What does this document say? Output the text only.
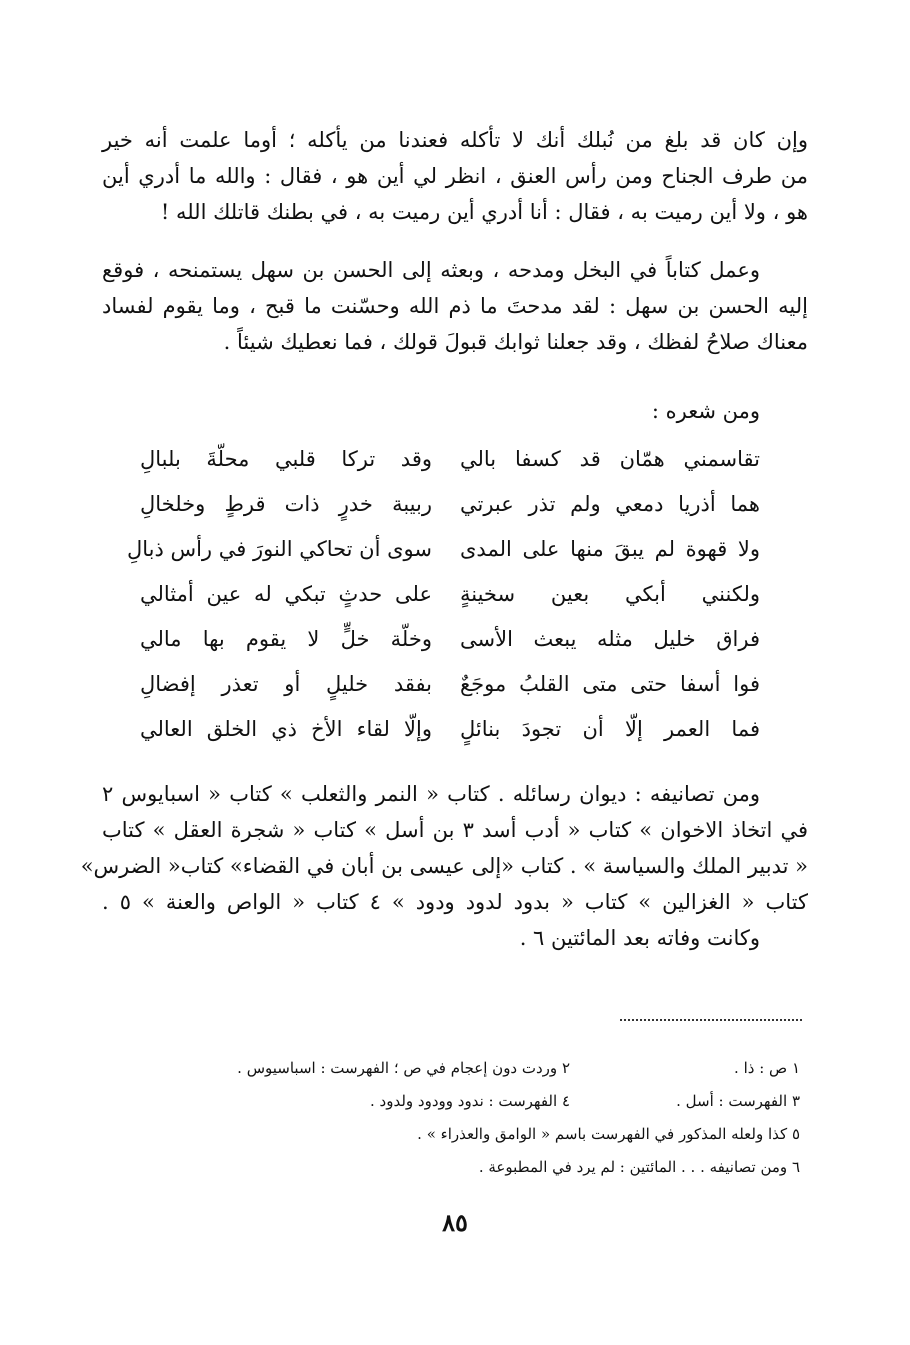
وإن كان قد بلغ من نُبلك أنك لا تأكله فعندنا من يأكله ؛ أوما علمت أنه خير
من طرف الجناح ومن رأس العنق ، انظر لي أين هو ، فقال : والله ما أدري أين
هو ، ولا أين رميت به ، فقال : أنا أدري أين رميت به ، في بطنك قاتلك الله !
وعمل كتاباً في البخل ومدحه ، وبعثه إلى الحسن بن سهل يستمنحه ، فوقع
إليه الحسن بن سهل : لقد مدحتَ ما ذم الله وحسّنت ما قبح ، وما يقوم لفساد
معناك صلاحُ لفظك ، وقد جعلنا ثوابك قبولَ قولك ، فما نعطيك شيئاً .
ومن شعره :
تقاسمني همّان قد كسفا بالي
وقد تركا قلبي محلّةَ بلبالِ
هما أذريا دمعي ولم تذر عبرتي
ربيبة خدرٍ ذات قرطٍ وخلخالِ
ولا قهوة لم يبقَ منها على المدى
سوى أن تحاكي النورَ في رأس ذبالِ
ولكنني أبكي بعين سخينةٍ
على حدثٍ تبكي له عين أمثالي
فراق خليل مثله يبعث الأسى
وخلّة خلٍّ لا يقوم بها مالي
فوا أسفا حتى متى القلبُ موجَعٌ
بفقد خليلٍ أو تعذر إفضالِ
فما العمر إلّا أن تجودَ بنائلٍ
وإلّا لقاء الأخ ذي الخلق العالي
ومن تصانيفه : ديوان رسائله . كتاب « النمر والثعلب » كتاب « اسبايوس ٢
في اتخاذ الاخوان » كتاب « أدب أسد ٣ بن أسل » كتاب « شجرة العقل » كتاب
« تدبير الملك والسياسة » . كتاب «إلى عيسى بن أبان في القضاء» كتاب« الضرس»
كتاب « الغزالين » كتاب « بدود لدود ودود » ٤ كتاب « الواص والعنة » ٥ .
وكانت وفاته بعد المائتين ٦ .
١ ص : ذا .
٢ وردت دون إعجام في ص ؛ الفهرست : اسباسيوس .
٣ الفهرست : أسل .
٤ الفهرست : ندود وودود ولدود .
٥ كذا ولعله المذكور في الفهرست باسم « الوامق والعذراء » .
٦ ومن تصانيفه . . . المائتين : لم يرد في المطبوعة .
٨٥
